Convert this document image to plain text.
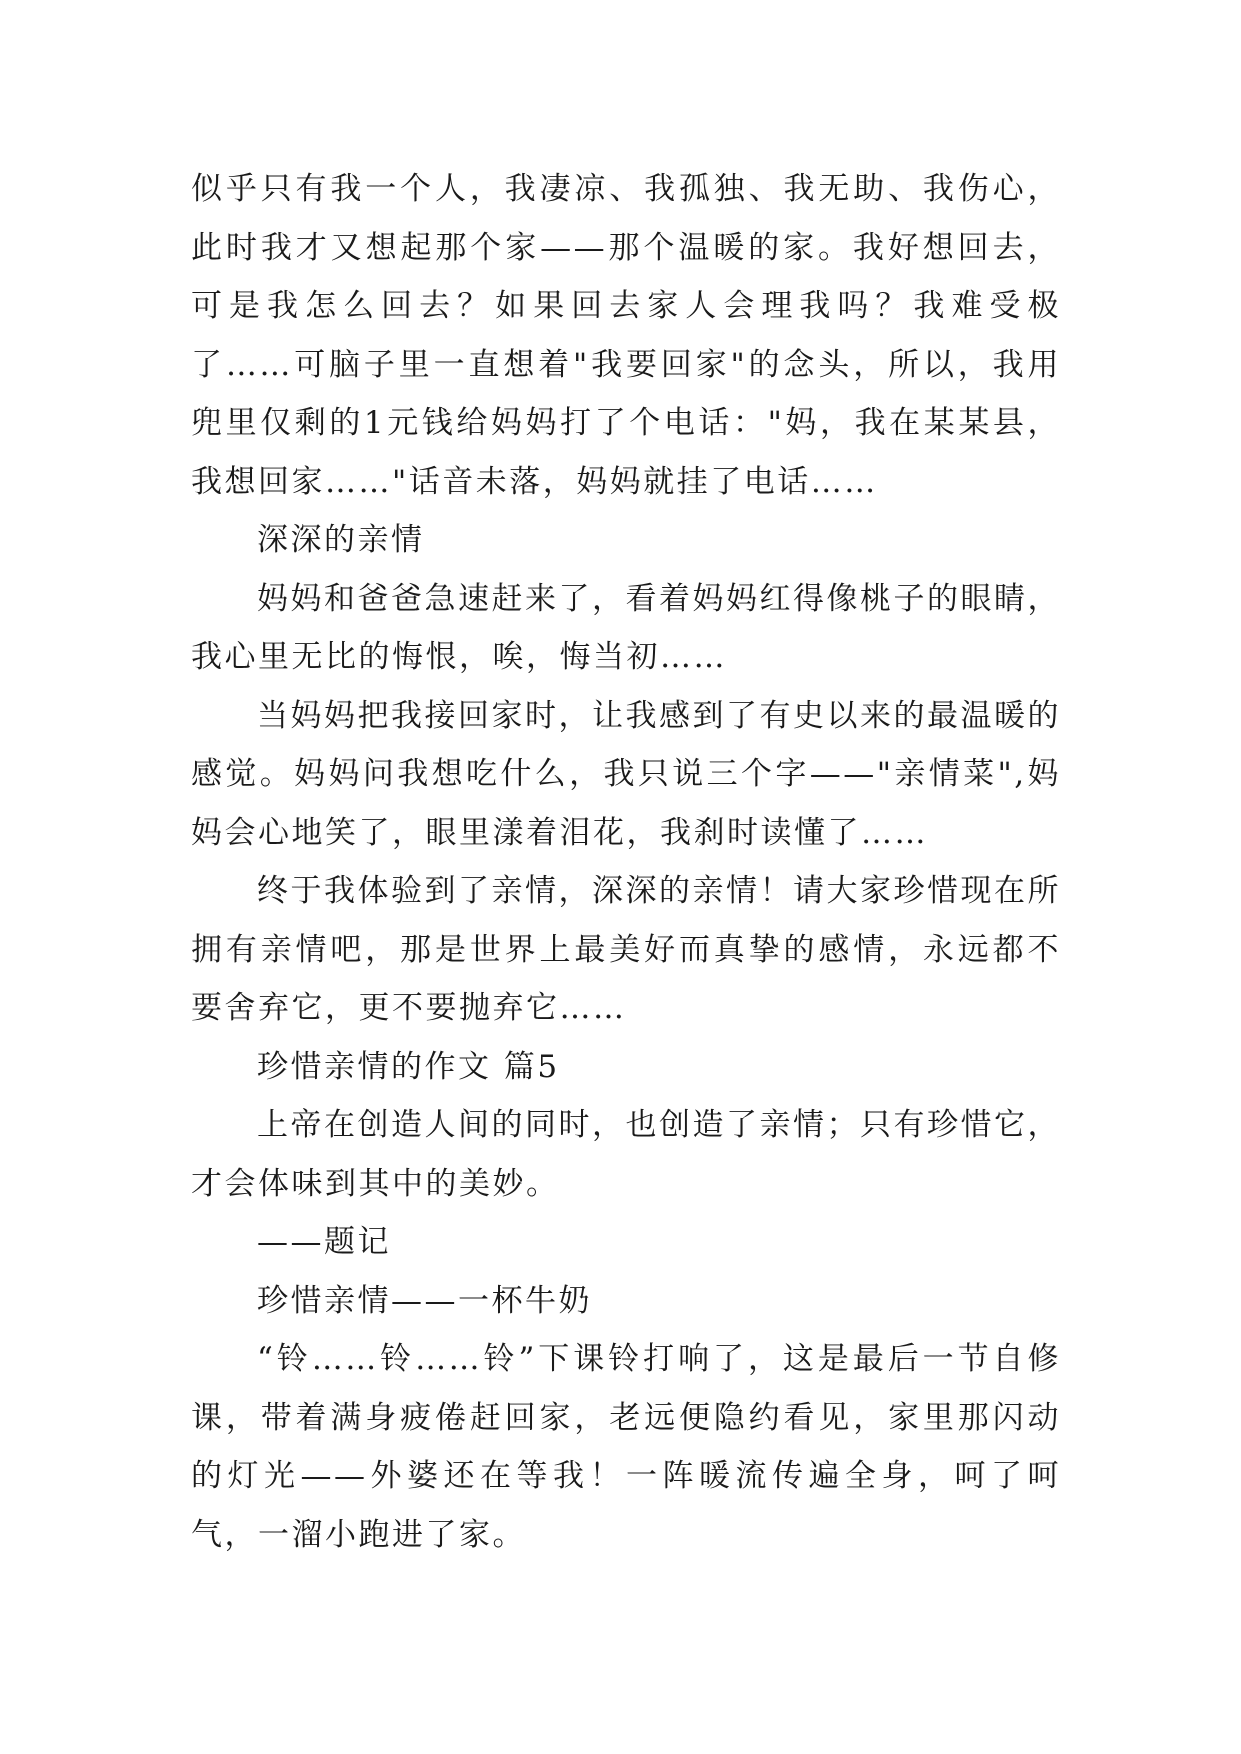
似乎只有我一个人，我凄凉、我孤独、我无助、我伤心，此时我才又想起那个家——那个温暖的家。我好想回去，可是我怎么回去？如果回去家人会理我吗？我难受极了……可脑子里一直想着"我要回家"的念头，所以，我用兜里仅剩的1元钱给妈妈打了个电话："妈，我在某某县，我想回家……"话音未落，妈妈就挂了电话……

深深的亲情

妈妈和爸爸急速赶来了，看着妈妈红得像桃子的眼睛，我心里无比的悔恨，唉，悔当初……

当妈妈把我接回家时，让我感到了有史以来的最温暖的感觉。妈妈问我想吃什么，我只说三个字——"亲情菜",妈妈会心地笑了，眼里漾着泪花，我刹时读懂了……

终于我体验到了亲情，深深的亲情！请大家珍惜现在所拥有亲情吧，那是世界上最美好而真挚的感情，永远都不要舍弃它，更不要抛弃它……

珍惜亲情的作文 篇5

上帝在创造人间的同时，也创造了亲情；只有珍惜它，才会体味到其中的美妙。

——题记

珍惜亲情——一杯牛奶

“铃……铃……铃”下课铃打响了，这是最后一节自修课，带着满身疲倦赶回家，老远便隐约看见，家里那闪动的灯光——外婆还在等我！一阵暖流传遍全身，呵了呵气，一溜小跑进了家。
